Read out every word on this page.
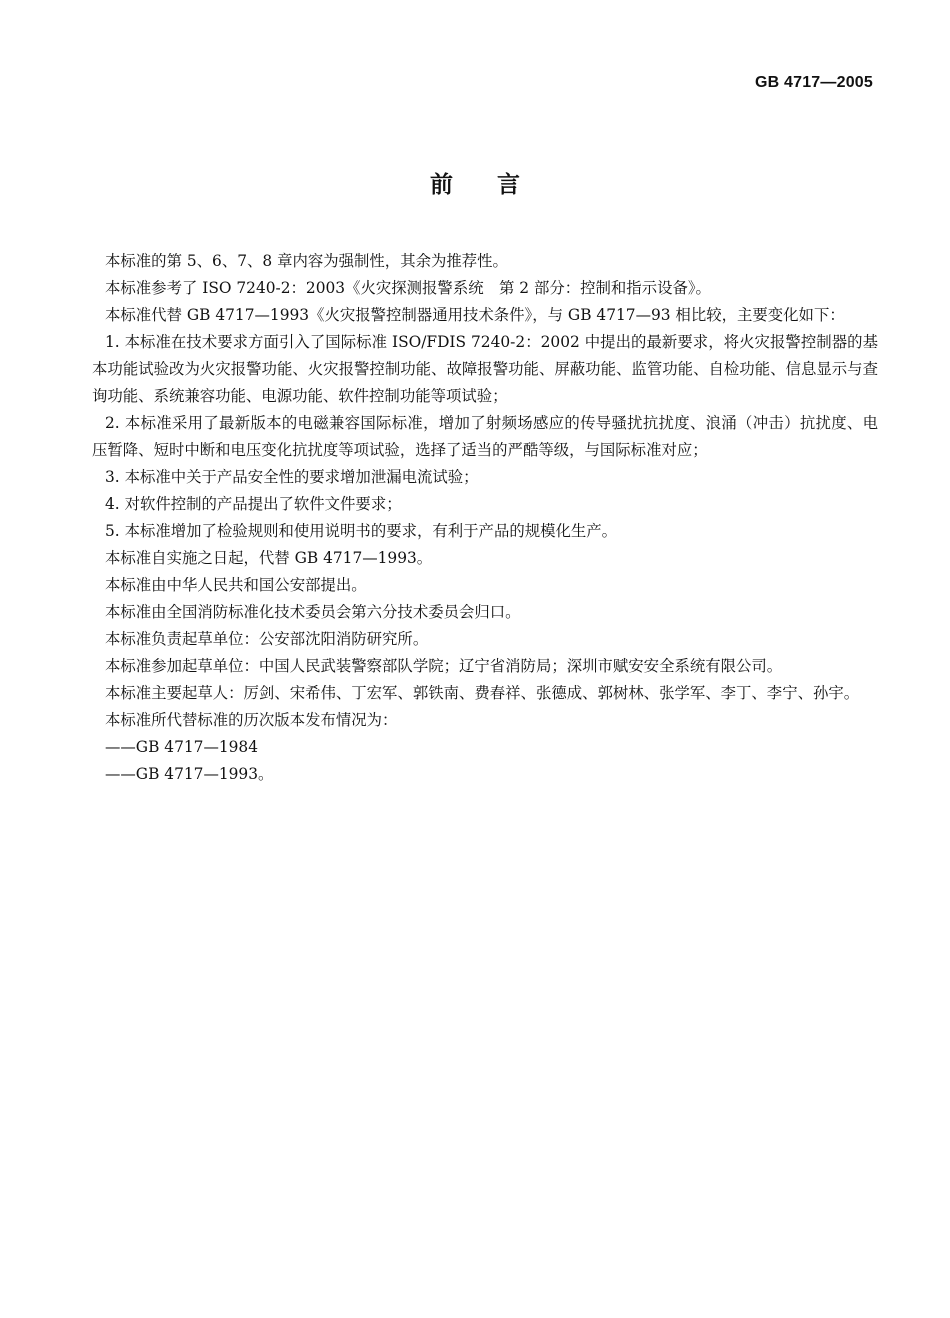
GB 4717—2005
前言

本标准的第 5、6、7、8 章内容为强制性，其余为推荐性。

本标准参考了 ISO 7240-2：2003《火灾探测报警系统　第 2 部分：控制和指示设备》。

本标准代替 GB 4717—1993《火灾报警控制器通用技术条件》，与 GB 4717—93 相比较，主要变化如下：

1. 本标准在技术要求方面引入了国际标准 ISO/FDIS 7240-2：2002 中提出的最新要求，将火灾报警控制器的基本功能试验改为火灾报警功能、火灾报警控制功能、故障报警功能、屏蔽功能、监管功能、自检功能、信息显示与查询功能、系统兼容功能、电源功能、软件控制功能等项试验；

2. 本标准采用了最新版本的电磁兼容国际标准，增加了射频场感应的传导骚扰抗扰度、浪涌（冲击）抗扰度、电压暂降、短时中断和电压变化抗扰度等项试验，选择了适当的严酷等级，与国际标准对应；

3. 本标准中关于产品安全性的要求增加泄漏电流试验；

4. 对软件控制的产品提出了软件文件要求；

5. 本标准增加了检验规则和使用说明书的要求，有利于产品的规模化生产。

本标准自实施之日起，代替 GB 4717—1993。

本标准由中华人民共和国公安部提出。

本标准由全国消防标准化技术委员会第六分技术委员会归口。

本标准负责起草单位：公安部沈阳消防研究所。

本标准参加起草单位：中国人民武装警察部队学院；辽宁省消防局；深圳市赋安安全系统有限公司。

本标准主要起草人：厉剑、宋希伟、丁宏军、郭铁南、费春祥、张德成、郭树林、张学军、李丁、李宁、孙宇。

本标准所代替标准的历次版本发布情况为：

——GB 4717—1984

——GB 4717—1993。
